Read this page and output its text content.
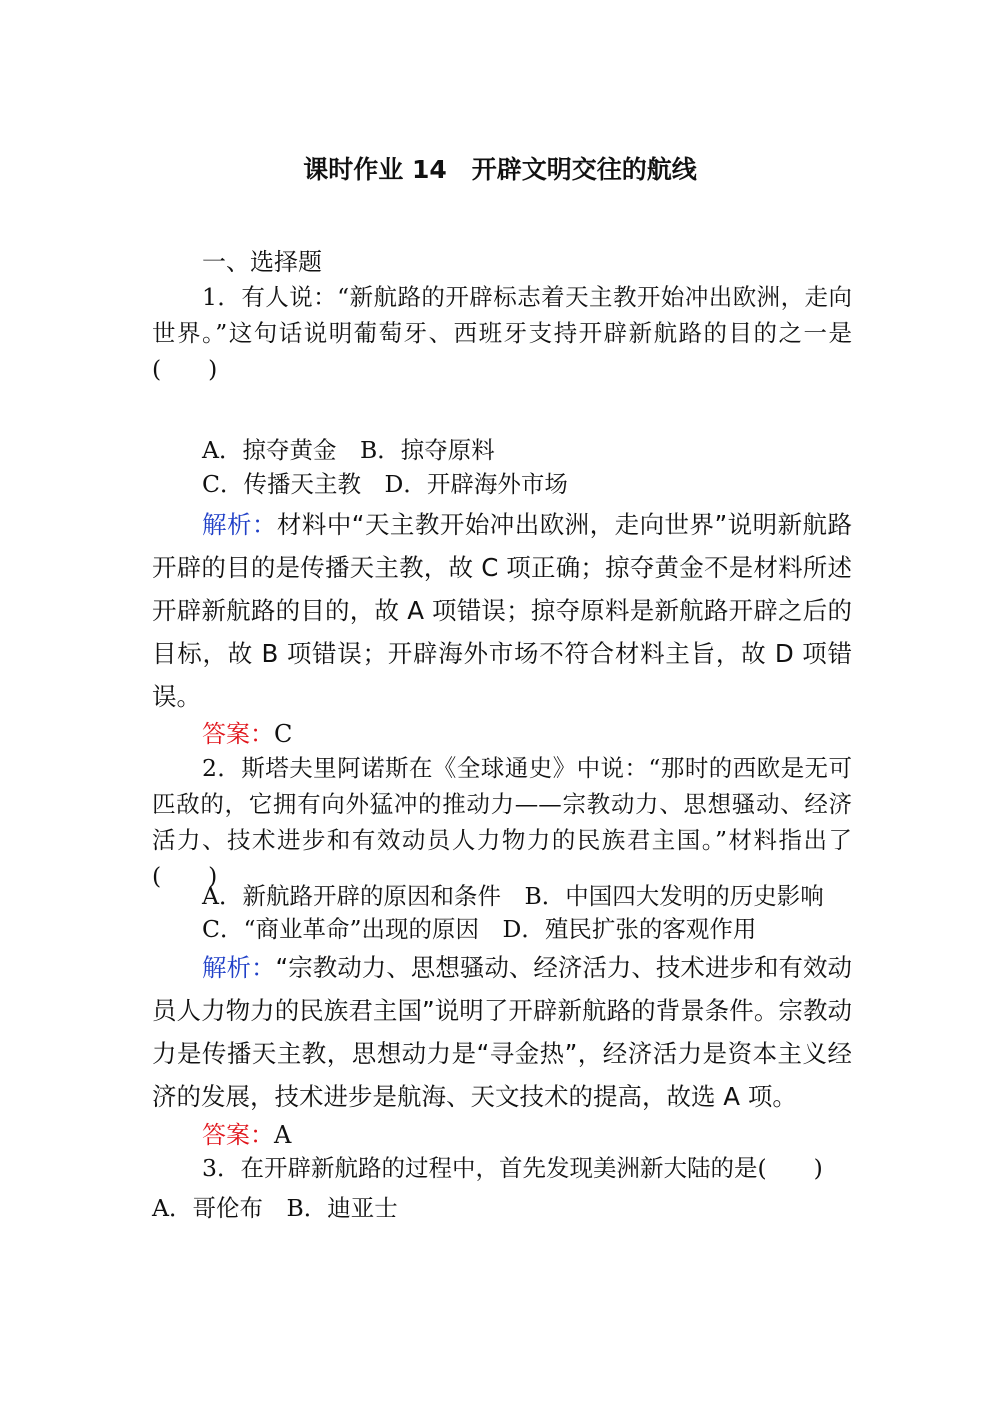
课时作业 14　开辟文明交往的航线
一、选择题
1．有人说：“新航路的开辟标志着天主教开始冲出欧洲，走向世界。”这句话说明葡萄牙、西班牙支持开辟新航路的目的之一是(　　)
A．掠夺黄金　B．掠夺原料
C．传播天主教　D．开辟海外市场
解析：材料中“天主教开始冲出欧洲，走向世界”说明新航路开辟的目的是传播天主教，故 C 项正确；掠夺黄金不是材料所述开辟新航路的目的，故 A 项错误；掠夺原料是新航路开辟之后的目标，故 B 项错误；开辟海外市场不符合材料主旨，故 D 项错误。
答案：C
2．斯塔夫里阿诺斯在《全球通史》中说：“那时的西欧是无可匹敌的，它拥有向外猛冲的推动力——宗教动力、思想骚动、经济活力、技术进步和有效动员人力物力的民族君主国。”材料指出了(　　)
A．新航路开辟的原因和条件　B．中国四大发明的历史影响
C．“商业革命”出现的原因　D．殖民扩张的客观作用
解析：“宗教动力、思想骚动、经济活力、技术进步和有效动员人力物力的民族君主国”说明了开辟新航路的背景条件。宗教动力是传播天主教，思想动力是“寻金热”，经济活力是资本主义经济的发展，技术进步是航海、天文技术的提高，故选 A 项。
答案：A
3．在开辟新航路的过程中，首先发现美洲新大陆的是(　　)
A．哥伦布　B．迪亚士
